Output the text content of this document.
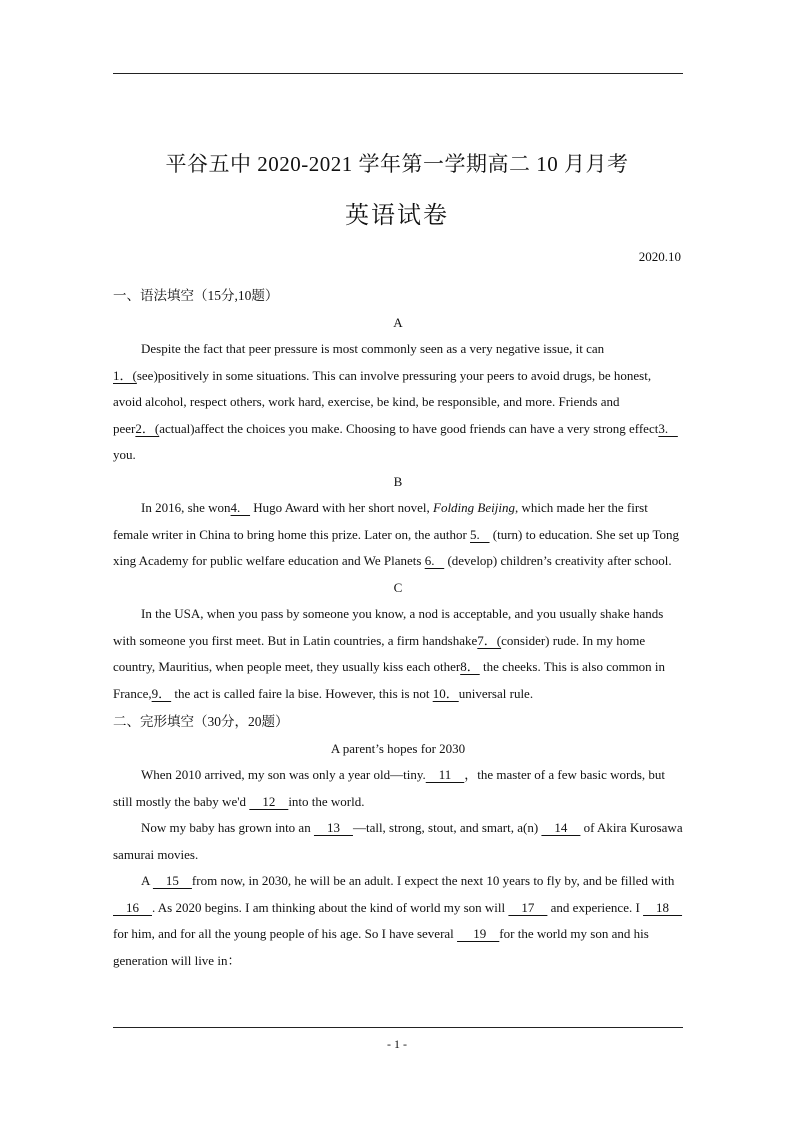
平谷五中 2020-2021 学年第一学期高二 10 月月考
英语试卷
2020.10

一、语法填空（15分,10题）

A

Despite the fact that peer pressure is most commonly seen as a very negative issue, it can
1．(see)positively in some situations. This can involve pressuring your peers to avoid drugs, be honest, avoid alcohol, respect others, work hard, exercise, be kind, be responsible, and more. Friends and peer2．(actual)affect the choices you make. Choosing to have good friends can have a very strong effect3.    you.

B

In 2016, she won4.    Hugo Award with her short novel, Folding Beijing, which made her the first female writer in China to bring home this prize. Later on, the author 5.    (turn) to education. She set up Tong xing Academy for public welfare education and We Planets 6.    (develop) children’s creativity after school.

C

In the USA, when you pass by someone you know, a nod is acceptable, and you usually shake hands with someone you first meet. But in Latin countries, a firm handshake7．(consider) rude. In my home country, Mauritius, when people meet, they usually kiss each other8． the cheeks. This is also common in France,9． the act is called faire la bise. However, this is not 10．universal rule.

二、完形填空（30分，20题）

A parent’s hopes for 2030

When 2010 arrived, my son was only a year old—tiny.    11    ，the master of a few basic words, but still mostly the baby we'd     12    into the world.

Now my baby has grown into an     13    —tall, strong, stout, and smart, a(n)     14     of Akira Kurosawa samurai movies.

A     15    from now, in 2030, he will be an adult. I expect the next 10 years to fly by, and be filled with     16    . As 2020 begins. I am thinking about the kind of world my son will     17     and experience. I     18     for him, and for all the young people of his age. So I have several      19    for the world my son and his generation will live in：

- 1 -
